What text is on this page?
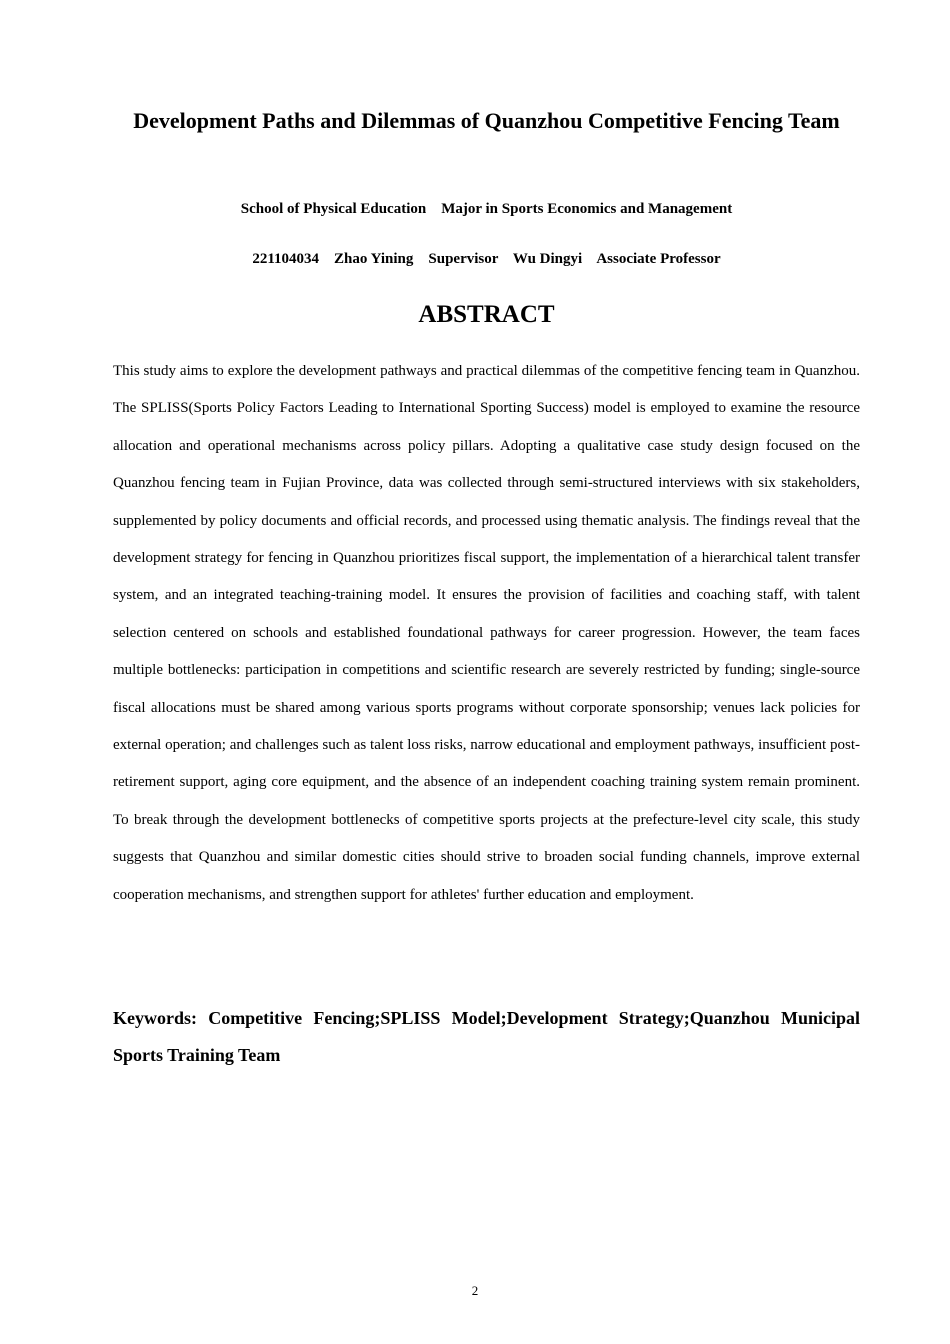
Development Paths and Dilemmas of Quanzhou Competitive Fencing Team

School of Physical Education    Major in Sports Economics and Management

221104034    Zhao Yining    Supervisor    Wu Dingyi    Associate Professor

ABSTRACT

This study aims to explore the development pathways and practical dilemmas of the competitive fencing team in Quanzhou. The SPLISS(Sports Policy Factors Leading to International Sporting Success) model is employed to examine the resource allocation and operational mechanisms across policy pillars. Adopting a qualitative case study design focused on the Quanzhou fencing team in Fujian Province, data was collected through semi-structured interviews with six stakeholders, supplemented by policy documents and official records, and processed using thematic analysis. The findings reveal that the development strategy for fencing in Quanzhou prioritizes fiscal support, the implementation of a hierarchical talent transfer system, and an integrated teaching-training model. It ensures the provision of facilities and coaching staff, with talent selection centered on schools and established foundational pathways for career progression. However, the team faces multiple bottlenecks: participation in competitions and scientific research are severely restricted by funding; single-source fiscal allocations must be shared among various sports programs without corporate sponsorship; venues lack policies for external operation; and challenges such as talent loss risks, narrow educational and employment pathways, insufficient post-retirement support, aging core equipment, and the absence of an independent coaching training system remain prominent. To break through the development bottlenecks of competitive sports projects at the prefecture-level city scale, this study suggests that Quanzhou and similar domestic cities should strive to broaden social funding channels, improve external cooperation mechanisms, and strengthen support for athletes' further education and employment.

Keywords: Competitive Fencing;SPLISS Model;Development Strategy;Quanzhou Municipal Sports Training Team

2
